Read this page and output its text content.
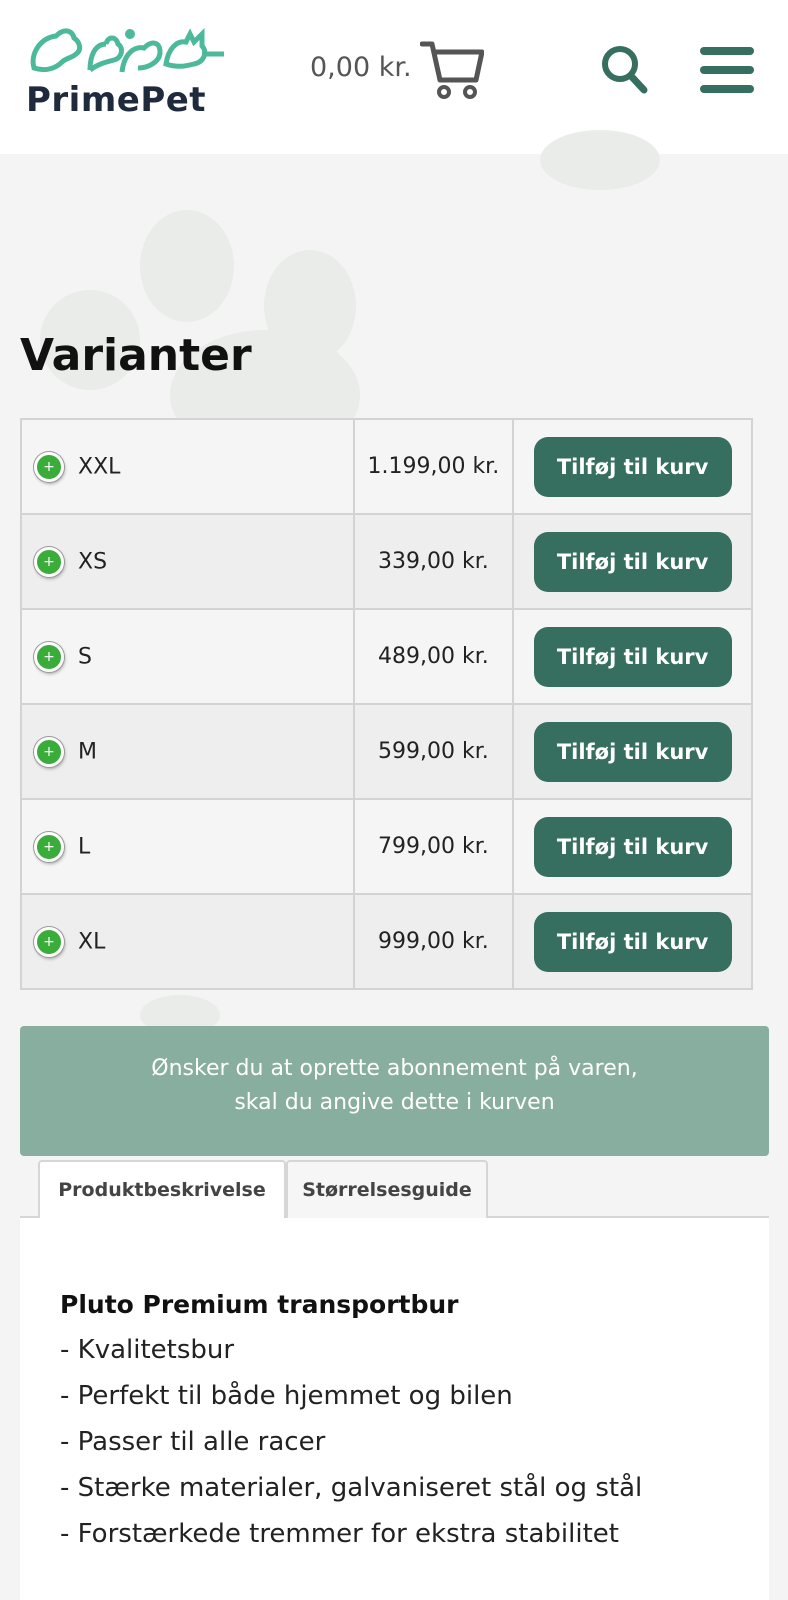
PrimePet
0,00 kr.
Varianter
+ XXL	1.199,00 kr.	Tilføj til kurv
+ XS	339,00 kr.	Tilføj til kurv
+ S	489,00 kr.	Tilføj til kurv
+ M	599,00 kr.	Tilføj til kurv
+ L	799,00 kr.	Tilføj til kurv
+ XL	999,00 kr.	Tilføj til kurv
Ønsker du at oprette abonnement på varen,
skal du angive dette i kurven
Produktbeskrivelse	Størrelsesguide
Pluto Premium transportbur
- Kvalitetsbur
- Perfekt til både hjemmet og bilen
- Passer til alle racer
- Stærke materialer, galvaniseret stål og stål
- Forstærkede tremmer for ekstra stabilitet
